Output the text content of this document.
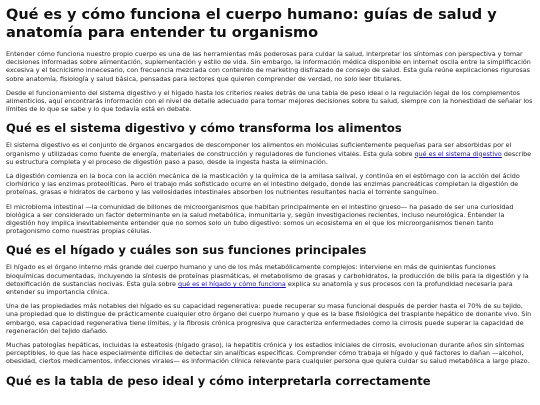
Qué es y cómo funciona el cuerpo humano: guías de salud y anatomía para entender tu organismo

Entender cómo funciona nuestro propio cuerpo es una de las herramientas más poderosas para cuidar la salud, interpretar los síntomas con perspectiva y tomar decisiones informadas sobre alimentación, suplementación y estilo de vida. Sin embargo, la información médica disponible en internet oscila entre la simplificación excesiva y el tecnicismo innecesario, con frecuencia mezclada con contenido de marketing disfrazado de consejo de salud. Esta guía reúne explicaciones rigurosas sobre anatomía, fisiología y salud básica, pensadas para lectores que quieren comprender de verdad, no solo leer titulares.

Desde el funcionamiento del sistema digestivo y el hígado hasta los criterios reales detrás de una tabla de peso ideal o la regulación legal de los complementos alimenticios, aquí encontrarás información con el nivel de detalle adecuado para tomar mejores decisiones sobre tu salud, siempre con la honestidad de señalar los límites de lo que se sabe y lo que todavía está en debate.

Qué es el sistema digestivo y cómo transforma los alimentos

El sistema digestivo es el conjunto de órganos encargados de descomponer los alimentos en moléculas suficientemente pequeñas para ser absorbidas por el organismo y utilizadas como fuente de energía, materiales de construcción y reguladores de funciones vitales. Esta guía sobre qué es el sistema digestivo describe su estructura completa y el proceso de digestión paso a paso, desde la ingesta hasta la eliminación.

La digestión comienza en la boca con la acción mecánica de la masticación y la química de la amilasa salival, y continúa en el estómago con la acción del ácido clorhídrico y las enzimas proteolíticas. Pero el trabajo más sofisticado ocurre en el intestino delgado, donde las enzimas pancreáticas completan la digestión de proteínas, grasas e hidratos de carbono y las vellosidades intestinales absorben los nutrientes resultantes hacia el torrente sanguíneo.

El microbioma intestinal —la comunidad de billones de microorganismos que habitan principalmente en el intestino grueso— ha pasado de ser una curiosidad biológica a ser considerado un factor determinante en la salud metabólica, inmunitaria y, según investigaciones recientes, incluso neurológica. Entender la digestión hoy implica inevitablemente entender que no somos solo un tubo digestivo: somos un ecosistema en el que los microorganismos tienen tanto protagonismo como nuestras propias células.

Qué es el hígado y cuáles son sus funciones principales

El hígado es el órgano interno más grande del cuerpo humano y uno de los más metabólicamente complejos: interviene en más de quinientas funciones bioquímicas documentadas, incluyendo la síntesis de proteínas plasmáticas, el metabolismo de grasas y carbohidratos, la producción de bilis para la digestión y la detoxificación de sustancias nocivas. Esta guía sobre qué es el hígado y cómo funciona explica su anatomía y sus procesos con la profundidad necesaria para entender su importancia clínica.

Una de las propiedades más notables del hígado es su capacidad regenerativa: puede recuperar su masa funcional después de perder hasta el 70% de su tejido, una propiedad que lo distingue de prácticamente cualquier otro órgano del cuerpo humano y que es la base fisiológica del trasplante hepático de donante vivo. Sin embargo, esa capacidad regenerativa tiene límites, y la fibrosis crónica progresiva que caracteriza enfermedades como la cirrosis puede superar la capacidad de regeneración del tejido dañado.

Muchas patologías hepáticas, incluidas la esteatosis (hígado graso), la hepatitis crónica y los estadios iniciales de cirrosis, evolucionan durante años sin síntomas perceptibles, lo que las hace especialmente difíciles de detectar sin analíticas específicas. Comprender cómo trabaja el hígado y qué factores lo dañan —alcohol, obesidad, ciertos medicamentos, infecciones virales— es información clínica relevante para cualquier persona que quiera cuidar su salud metabólica a largo plazo.

Qué es la tabla de peso ideal y cómo interpretarla correctamente
